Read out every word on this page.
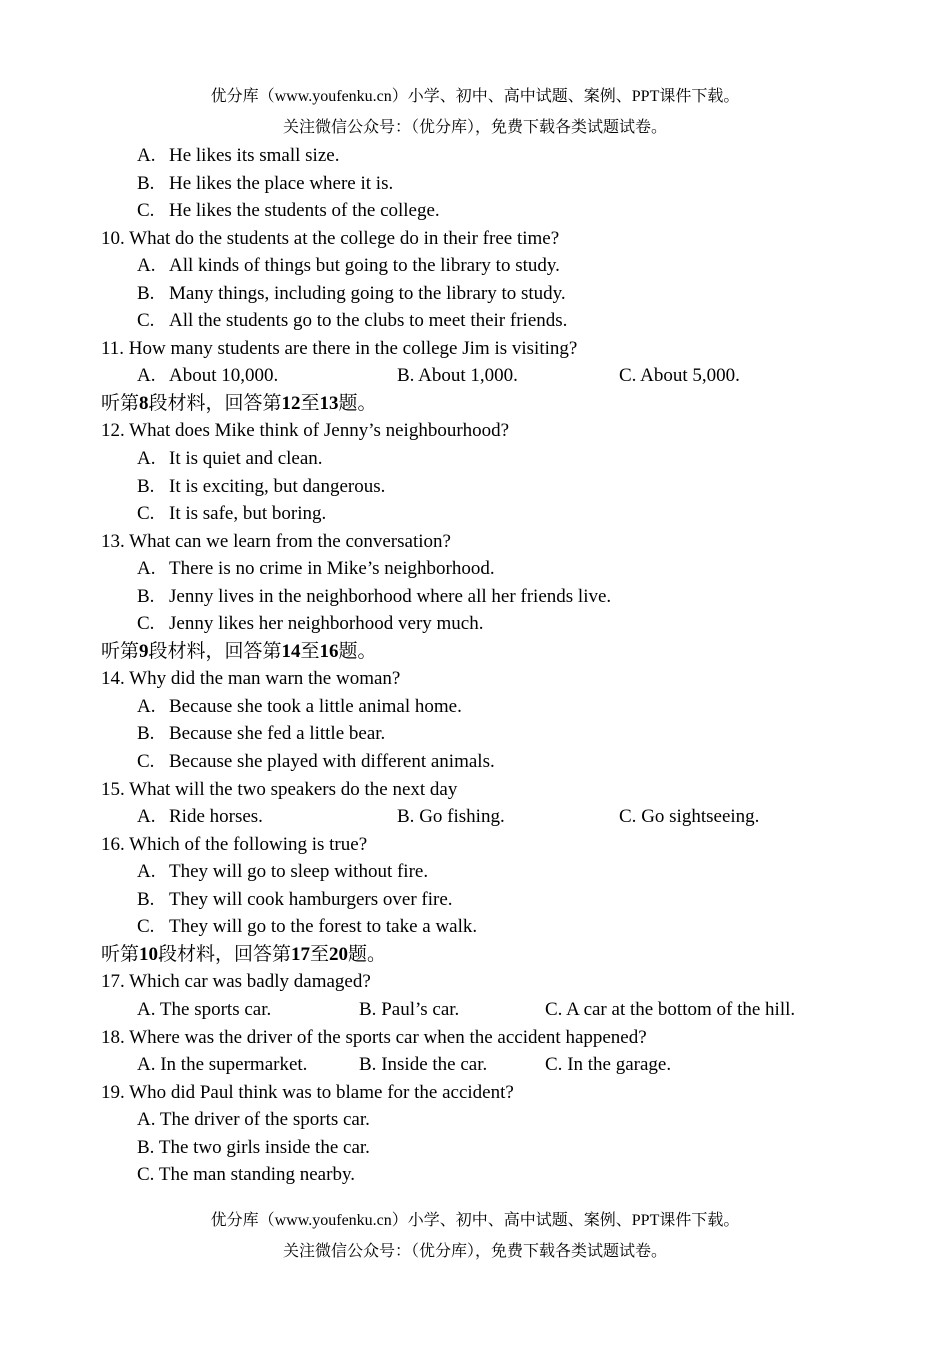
优分库（www.youfenku.cn）小学、初中、高中试题、案例、PPT课件下载。
关注微信公众号：（优分库），免费下载各类试题试卷。
A. He likes its small size.
B. He likes the place where it is.
C. He likes the students of the college.
10. What do the students at the college do in their free time?
A. All kinds of things but going to the library to study.
B. Many things, including going to the library to study.
C. All the students go to the clubs to meet their friends.
11. How many students are there in the college Jim is visiting?
A. About 10,000.	B. About 1,000.	C. About 5,000.
听第8段材料，回答第12至13题。
12. What does Mike think of Jenny’s neighbourhood?
A. It is quiet and clean.
B. It is exciting, but dangerous.
C. It is safe, but boring.
13. What can we learn from the conversation?
A. There is no crime in Mike’s neighborhood.
B. Jenny lives in the neighborhood where all her friends live.
C. Jenny likes her neighborhood very much.
听第9段材料，回答第14至16题。
14. Why did the man warn the woman?
A. Because she took a little animal home.
B. Because she fed a little bear.
C. Because she played with different animals.
15. What will the two speakers do the next day
A. Ride horses.	B. Go fishing.	C. Go sightseeing.
16. Which of the following is true?
A. They will go to sleep without fire.
B. They will cook hamburgers over fire.
C. They will go to the forest to take a walk.
听第10段材料，回答第17至20题。
17. Which car was badly damaged?
A. The sports car.	B. Paul’s car.	C. A car at the bottom of the hill.
18. Where was the driver of the sports car when the accident happened?
A. In the supermarket.	B. Inside the car.	C. In the garage.
19. Who did Paul think was to blame for the accident?
A. The driver of the sports car.
B. The two girls inside the car.
C. The man standing nearby.
优分库（www.youfenku.cn）小学、初中、高中试题、案例、PPT课件下载。
关注微信公众号：（优分库），免费下载各类试题试卷。
